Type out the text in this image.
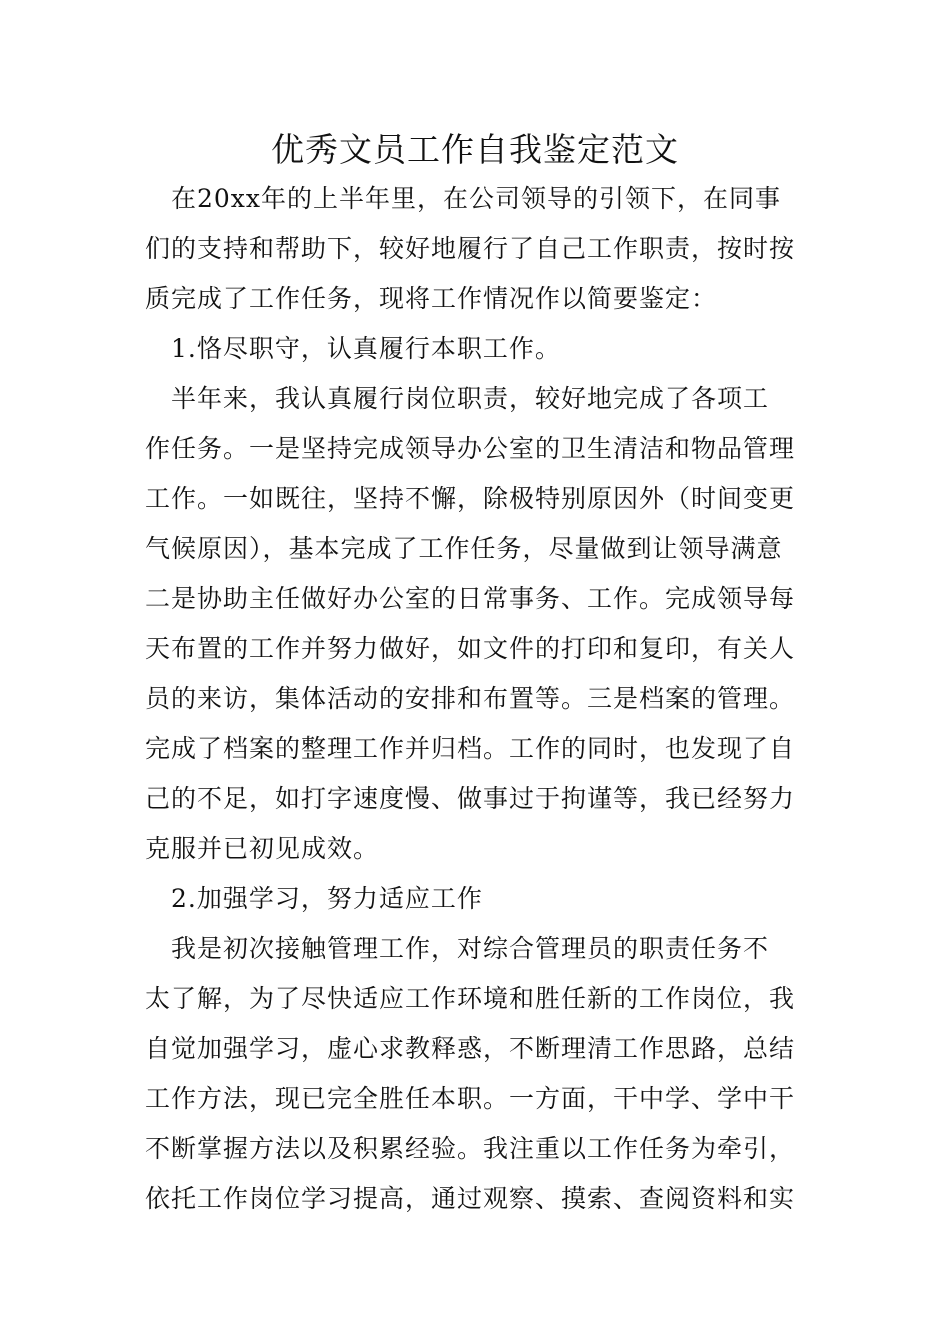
优秀文员工作自我鉴定范文
　在20xx年的上半年里，在公司领导的引领下，在同事
们的支持和帮助下，较好地履行了自己工作职责，按时按
质完成了工作任务，现将工作情况作以简要鉴定：
　1.恪尽职守，认真履行本职工作。
　半年来，我认真履行岗位职责，较好地完成了各项工
作任务。一是坚持完成领导办公室的卫生清洁和物品管理
工作。一如既往，坚持不懈，除极特别原因外（时间变更
气候原因），基本完成了工作任务，尽量做到让领导满意
二是协助主任做好办公室的日常事务、工作。完成领导每
天布置的工作并努力做好，如文件的打印和复印，有关人
员的来访，集体活动的安排和布置等。三是档案的管理。
完成了档案的整理工作并归档。工作的同时，也发现了自
己的不足，如打字速度慢、做事过于拘谨等，我已经努力
克服并已初见成效。
　2.加强学习，努力适应工作
　我是初次接触管理工作，对综合管理员的职责任务不
太了解，为了尽快适应工作环境和胜任新的工作岗位，我
自觉加强学习，虚心求教释惑，不断理清工作思路，总结
工作方法，现已完全胜任本职。一方面，干中学、学中干
不断掌握方法以及积累经验。我注重以工作任务为牵引，
依托工作岗位学习提高，通过观察、摸索、查阅资料和实
